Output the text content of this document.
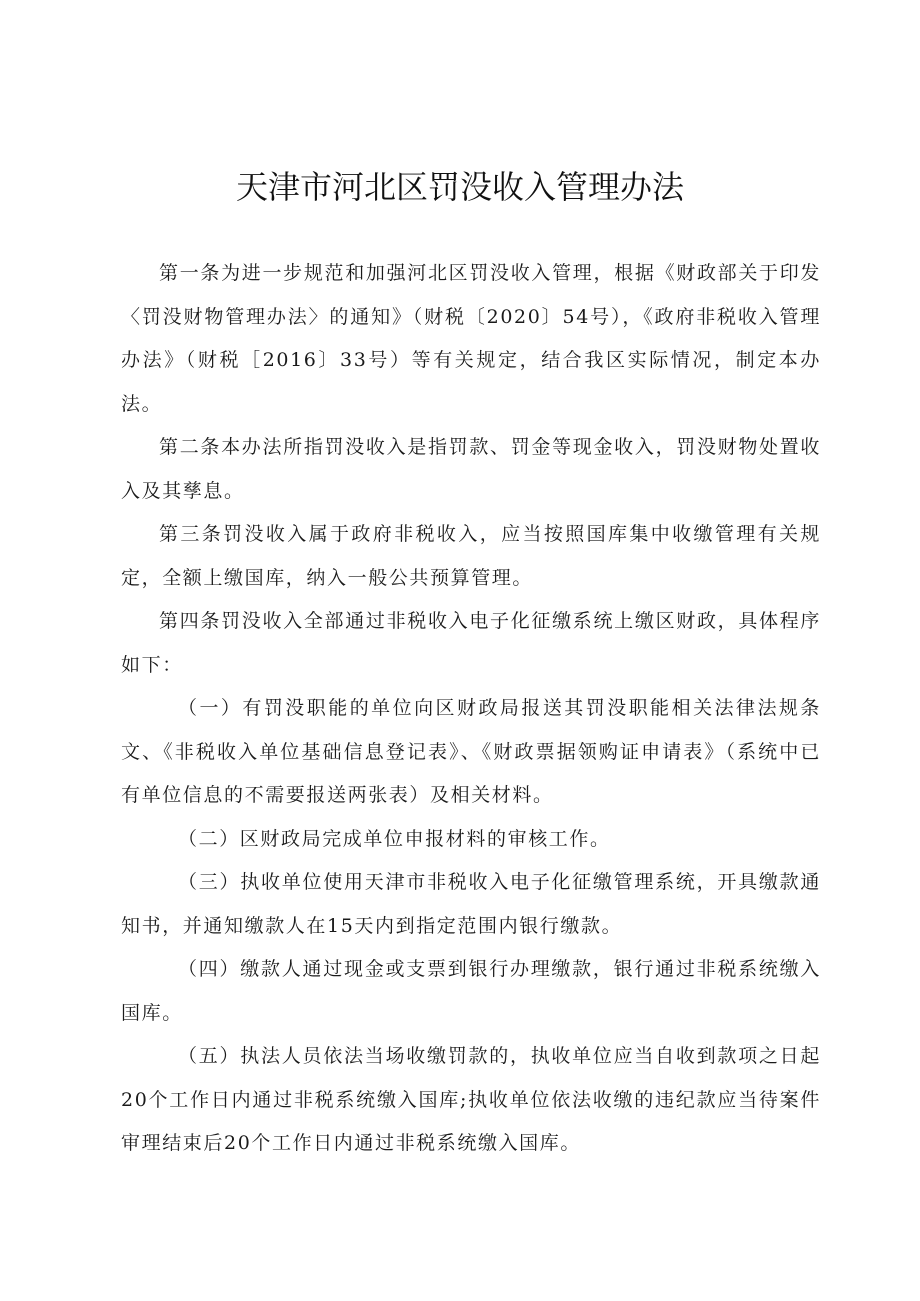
天津市河北区罚没收入管理办法

第一条为进一步规范和加强河北区罚没收入管理，根据《财政部关于印发〈罚没财物管理办法〉的通知》（财税〔2020〕54号），《政府非税收入管理办法》（财税［2016〕33号）等有关规定，结合我区实际情况，制定本办法。

第二条本办法所指罚没收入是指罚款、罚金等现金收入，罚没财物处置收入及其孳息。

第三条罚没收入属于政府非税收入，应当按照国库集中收缴管理有关规定，全额上缴国库，纳入一般公共预算管理。

第四条罚没收入全部通过非税收入电子化征缴系统上缴区财政，具体程序如下：

（一）有罚没职能的单位向区财政局报送其罚没职能相关法律法规条文、《非税收入单位基础信息登记表》、《财政票据领购证申请表》（系统中已有单位信息的不需要报送两张表）及相关材料。

（二）区财政局完成单位申报材料的审核工作。

（三）执收单位使用天津市非税收入电子化征缴管理系统，开具缴款通知书，并通知缴款人在15天内到指定范围内银行缴款。

（四）缴款人通过现金或支票到银行办理缴款，银行通过非税系统缴入国库。

（五）执法人员依法当场收缴罚款的，执收单位应当自收到款项之日起20个工作日内通过非税系统缴入国库;执收单位依法收缴的违纪款应当待案件审理结束后20个工作日内通过非税系统缴入国库。
